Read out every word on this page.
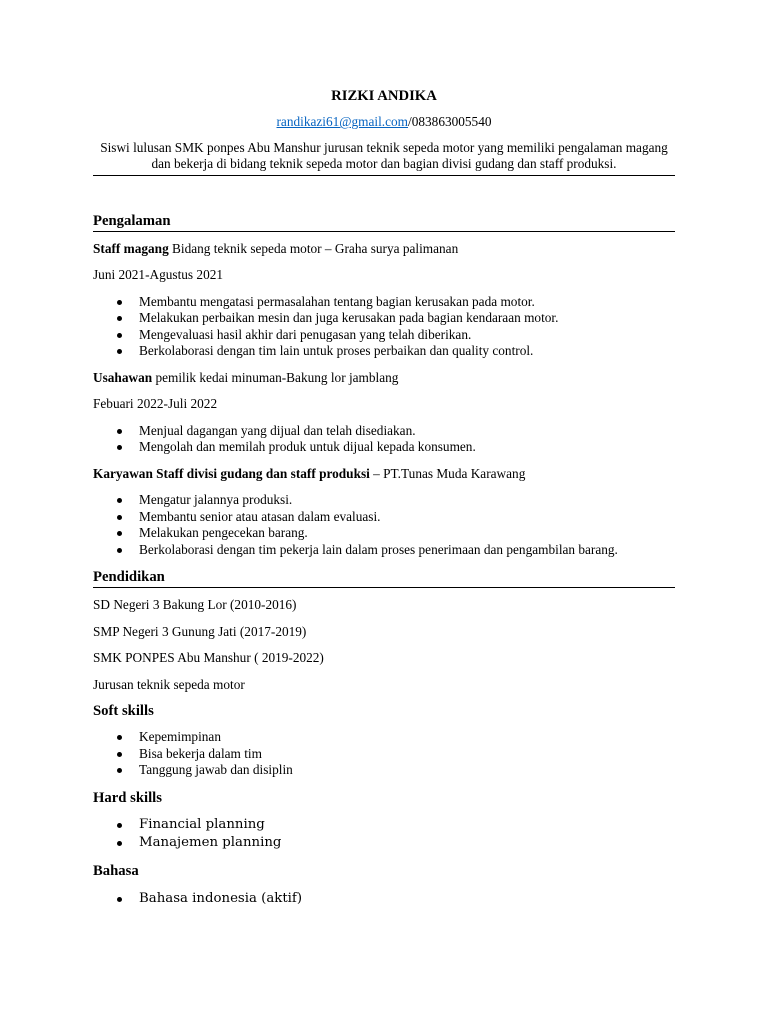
RIZKI ANDIKA
randikazi61@gmail.com/083863005540
Siswi lulusan SMK ponpes Abu Manshur jurusan teknik sepeda motor yang memiliki pengalaman magang dan bekerja di bidang teknik sepeda motor dan bagian divisi gudang dan staff produksi.
Pengalaman
Staff magang Bidang teknik sepeda motor – Graha surya palimanan
Juni 2021-Agustus 2021
Membantu mengatasi permasalahan tentang bagian kerusakan pada motor.
Melakukan perbaikan mesin dan juga kerusakan pada bagian kendaraan motor.
Mengevaluasi hasil akhir dari penugasan yang telah diberikan.
Berkolaborasi dengan tim lain untuk proses perbaikan dan quality control.
Usahawan pemilik kedai minuman-Bakung lor jamblang
Febuari 2022-Juli 2022
Menjual dagangan yang dijual dan telah disediakan.
Mengolah dan memilah produk untuk dijual kepada konsumen.
Karyawan Staff divisi gudang dan staff produksi – PT.Tunas Muda Karawang
Mengatur jalannya produksi.
Membantu senior atau atasan dalam evaluasi.
Melakukan pengecekan barang.
Berkolaborasi dengan tim pekerja lain dalam proses penerimaan dan pengambilan barang.
Pendidikan
SD Negeri 3 Bakung Lor (2010-2016)
SMP Negeri 3 Gunung Jati (2017-2019)
SMK PONPES Abu Manshur ( 2019-2022)
Jurusan teknik sepeda motor
Soft skills
Kepemimpinan
Bisa bekerja dalam tim
Tanggung jawab dan disiplin
Hard skills
Financial planning
Manajemen planning
Bahasa
Bahasa indonesia (aktif)
